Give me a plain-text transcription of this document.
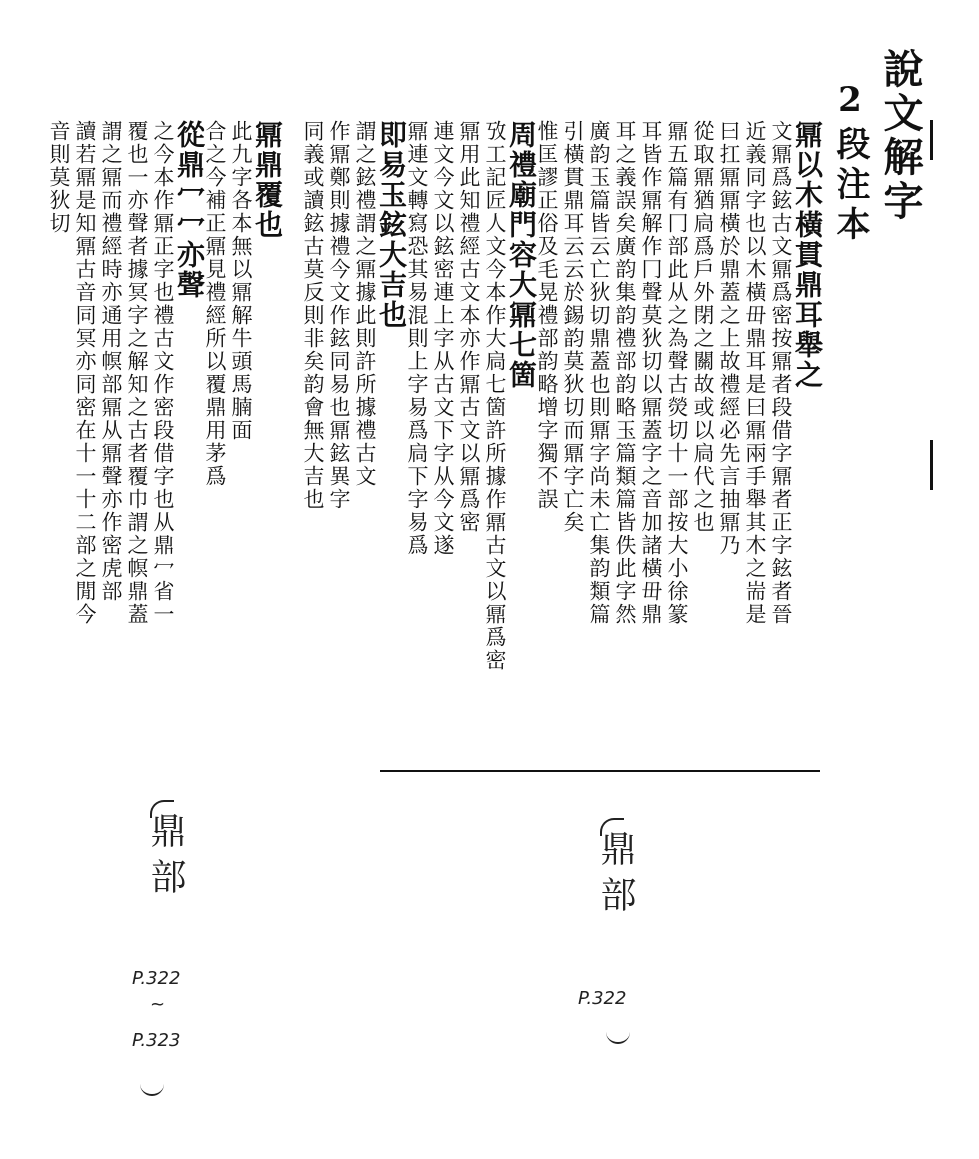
說文解字
2段注本
鼏以木橫貫鼎耳舉之
文鼏爲鉉古文鼏爲密按鼏者段借字鼏者正字鉉者晉
近義同字也以木橫毌鼎耳是曰鼏兩手舉其木之耑是
曰扛鼏鼏橫於鼎蓋之上故禮經必先言抽鼏乃
從取鼏猶扃爲戶外閉之關故或以扃代之也
鼏五篇有冂部此从之為聲古熒切十一部按大小徐篆
耳皆作鼏解作冂聲莫狄切以鼏蓋字之音加諸橫毌鼎
耳之義誤矣廣韵集韵禮部韵略玉篇類篇皆佚此字然
廣韵玉篇皆云亡狄切鼎蓋也則鼏字尚未亡集韵類篇
引橫貫鼎耳云云於錫韵莫狄切而鼏字亡矣
惟匡謬正俗及毛晃禮部韵略增字獨不誤
周禮廟門容大鼏七箇
攷工記匠人文今本作大扃七箇許所據作鼏古文以鼏爲密
鼏用此知禮經古文本亦作鼏古文以鼏爲密
連文今文以鉉密連上字从古文下字从今文遂
鼏連文轉寫恐其易混則上字易爲扃下字易爲
即易玉鉉大吉也
謂之鉉禮謂之鼏據此則許所據禮古文
作鼏鄭則據禮今文作鉉同易也鼏鉉異字
同義或讀鉉古莫反則非矣韵會無大吉也
鼏鼎覆也
此九字各本無以鼏解牛頭馬腩面
合之今補正鼏見禮經所以覆鼎用茅爲
從鼎冖冖亦聲
之今本作鼏正字也禮古文作密段借字也从鼎冖省一
覆也一亦聲者據冥字之解知之古者覆巾謂之幎鼎蓋
謂之鼏而禮經時亦通用幎部鼏从鼏聲亦作密虎部
讀若鼏是知鼏古音同冥亦同密在十一十二部之閒今
音則莫狄切
鼎部
P.322
鼎部
P.322
~
P.323
